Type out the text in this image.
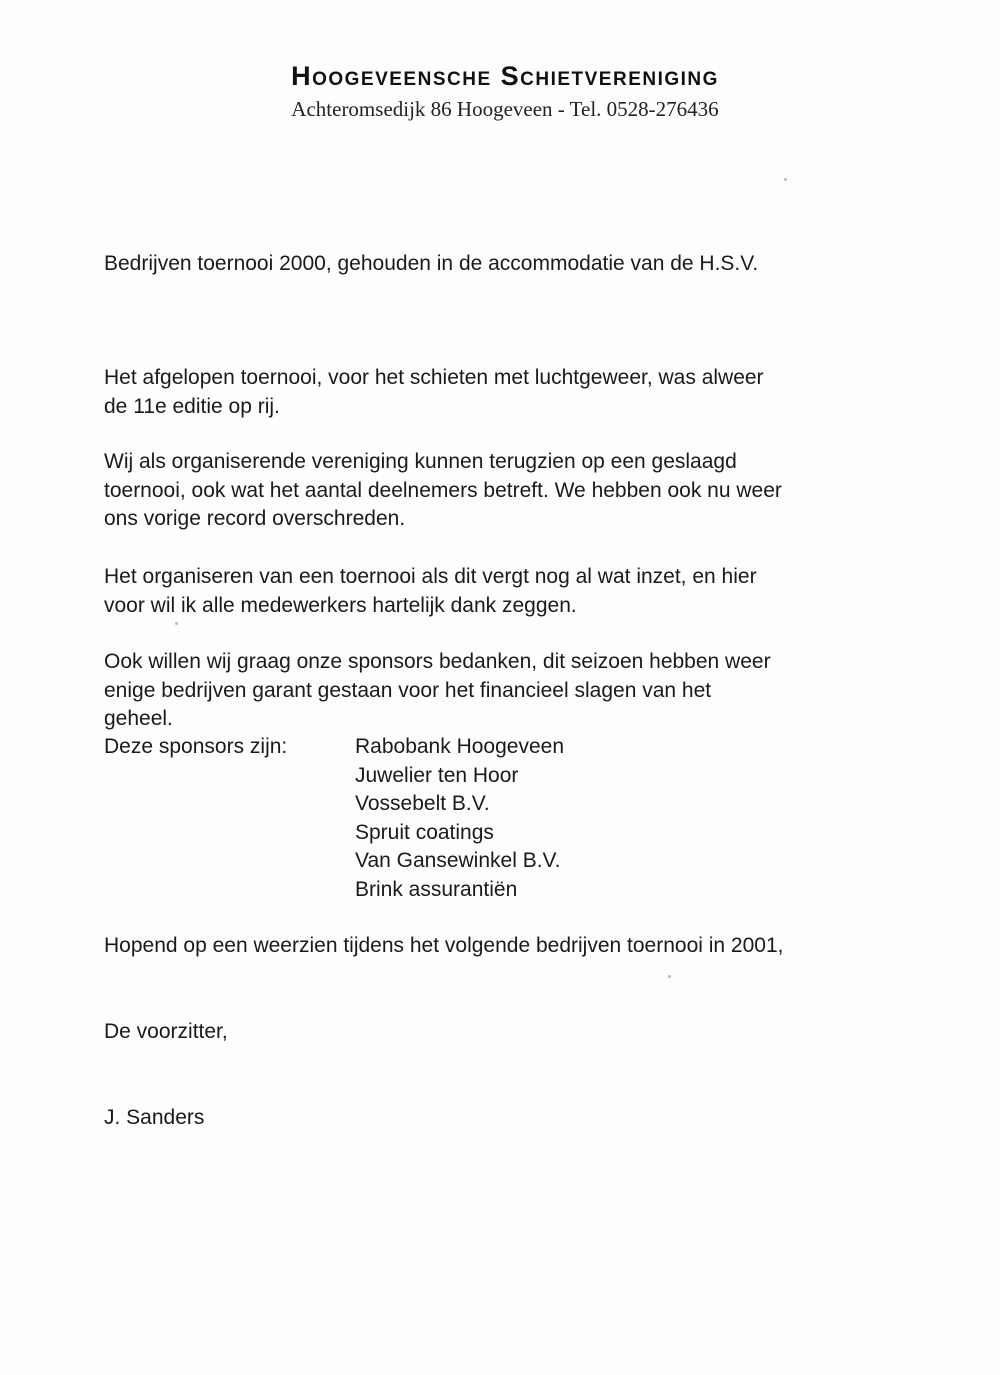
Hoogeveensche Schietvereniging
Achteromsedijk 86 Hoogeveen - Tel. 0528-276436
Bedrijven toernooi 2000, gehouden in de accommodatie van de H.S.V.
Het afgelopen toernooi, voor het schieten met luchtgeweer, was alweer
de 11e editie op rij.
Wij als organiserende vereniging kunnen terugzien op een geslaagd
toernooi, ook wat het aantal deelnemers betreft. We hebben ook nu weer
ons vorige record overschreden.
Het organiseren van een toernooi als dit vergt nog al wat inzet, en hier
voor wil ik alle medewerkers hartelijk dank zeggen.
Ook willen wij graag onze sponsors bedanken, dit seizoen hebben weer
enige bedrijven garant gestaan voor het financieel slagen van het
geheel.
Deze sponsors zijn:	Rabobank Hoogeveen
Juwelier ten Hoor
Vossebelt B.V.
Spruit coatings
Van Gansewinkel B.V.
Brink assurantiën
Hopend op een weerzien tijdens het volgende bedrijven toernooi in 2001,
De voorzitter,
J. Sanders
